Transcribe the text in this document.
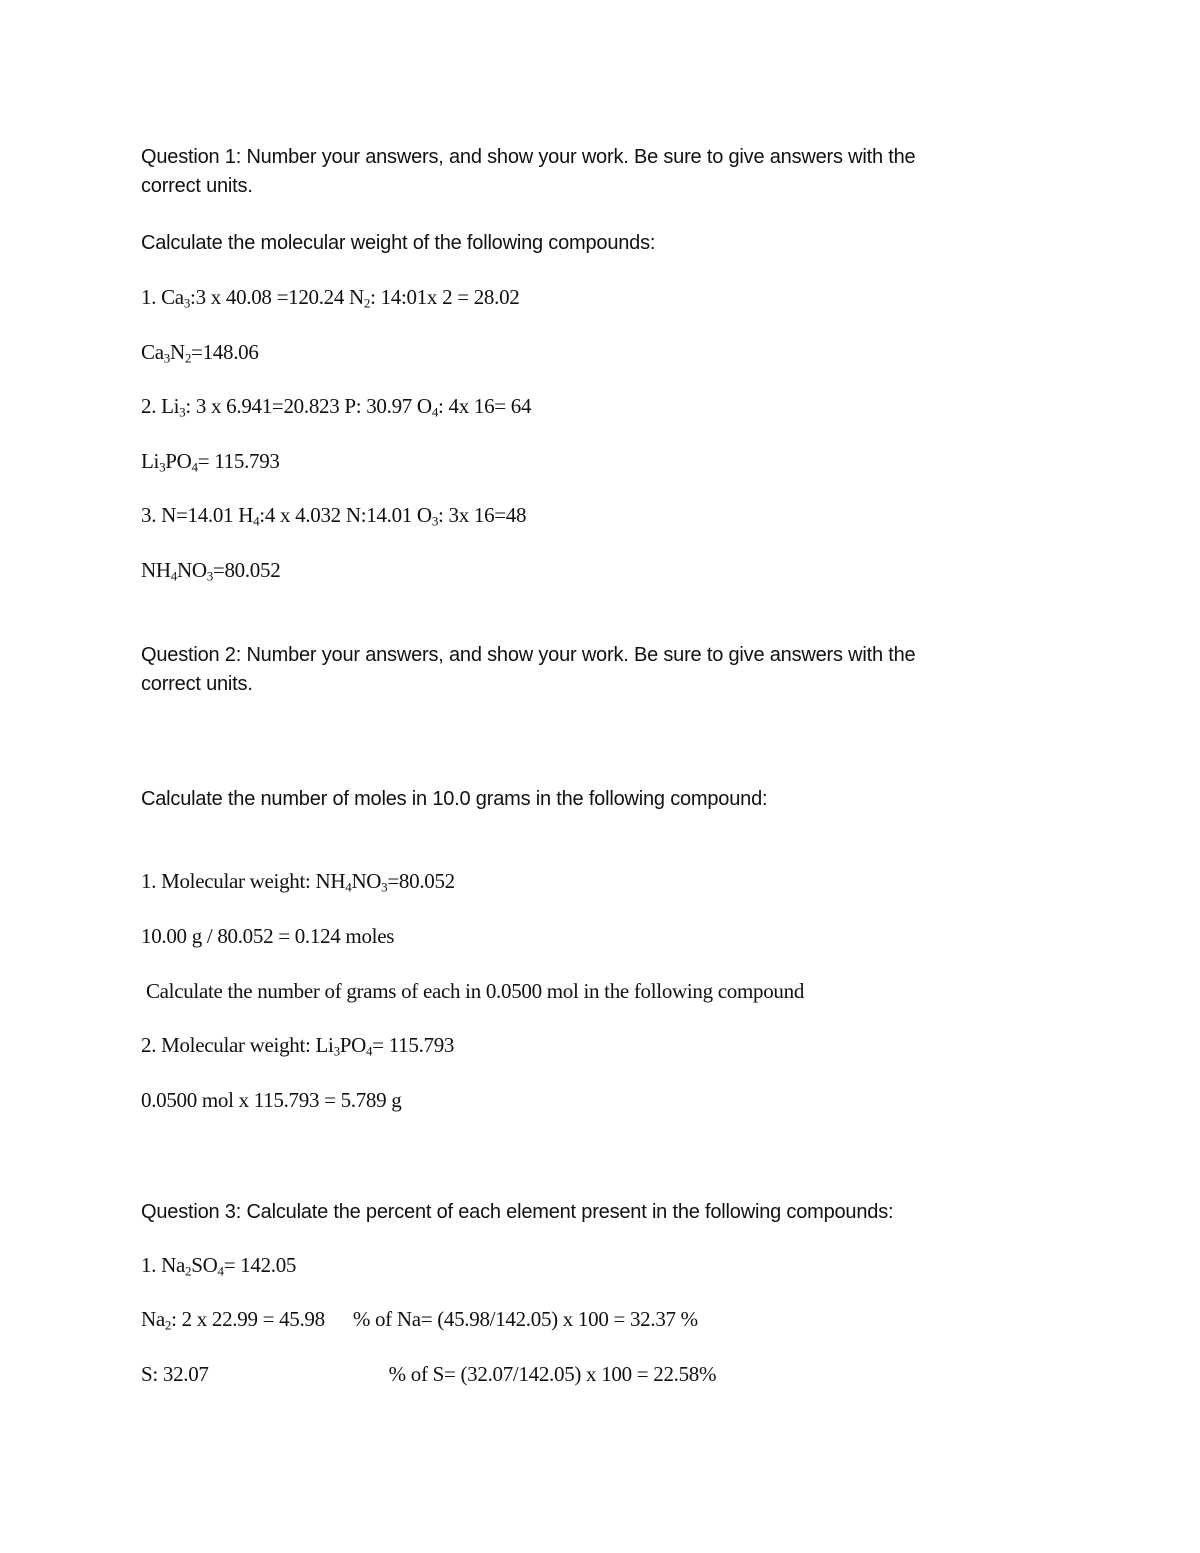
Question 1: Number your answers, and show your work. Be sure to give answers with the
correct units.
Calculate the molecular weight of the following compounds:
1. $Ca_3:3$ x 40.08 =120.24 $N_2$: 14:01x 2 = 28.02
$Ca_3N_2=148.06$
2. $Li_3$: 3 x 6.941=20.823 P: 30.97 $O_4$: 4x 16= 64
$Li_3PO_4= 115.793$
3. N=14.01 $H_4:4$ x 4.032 N:14.01 $O_3$: 3x 16=48
$NH_4NO_3=80.052$
Question 2: Number your answers, and show your work. Be sure to give answers with the
correct units.
Calculate the number of moles in 10.0 grams in the following compound:
1. Molecular weight: $NH_4NO_3=80.052$
10.00 g / 80.052 = 0.124 moles
Calculate the number of grams of each in 0.0500 mol in the following compound
2. Molecular weight: $Li_3PO_4= 115.793$
0.0500 mol x 115.793 = 5.789 g
Question 3: Calculate the percent of each element present in the following compounds:
1. $Na_2SO_4= 142.05$
$Na_2$: 2 x 22.99 = 45.98 % of Na= (45.98/142.05) x 100 = 32.37 %
S: 32.07	% of S= (32.07/142.05) x 100 = 22.58%
